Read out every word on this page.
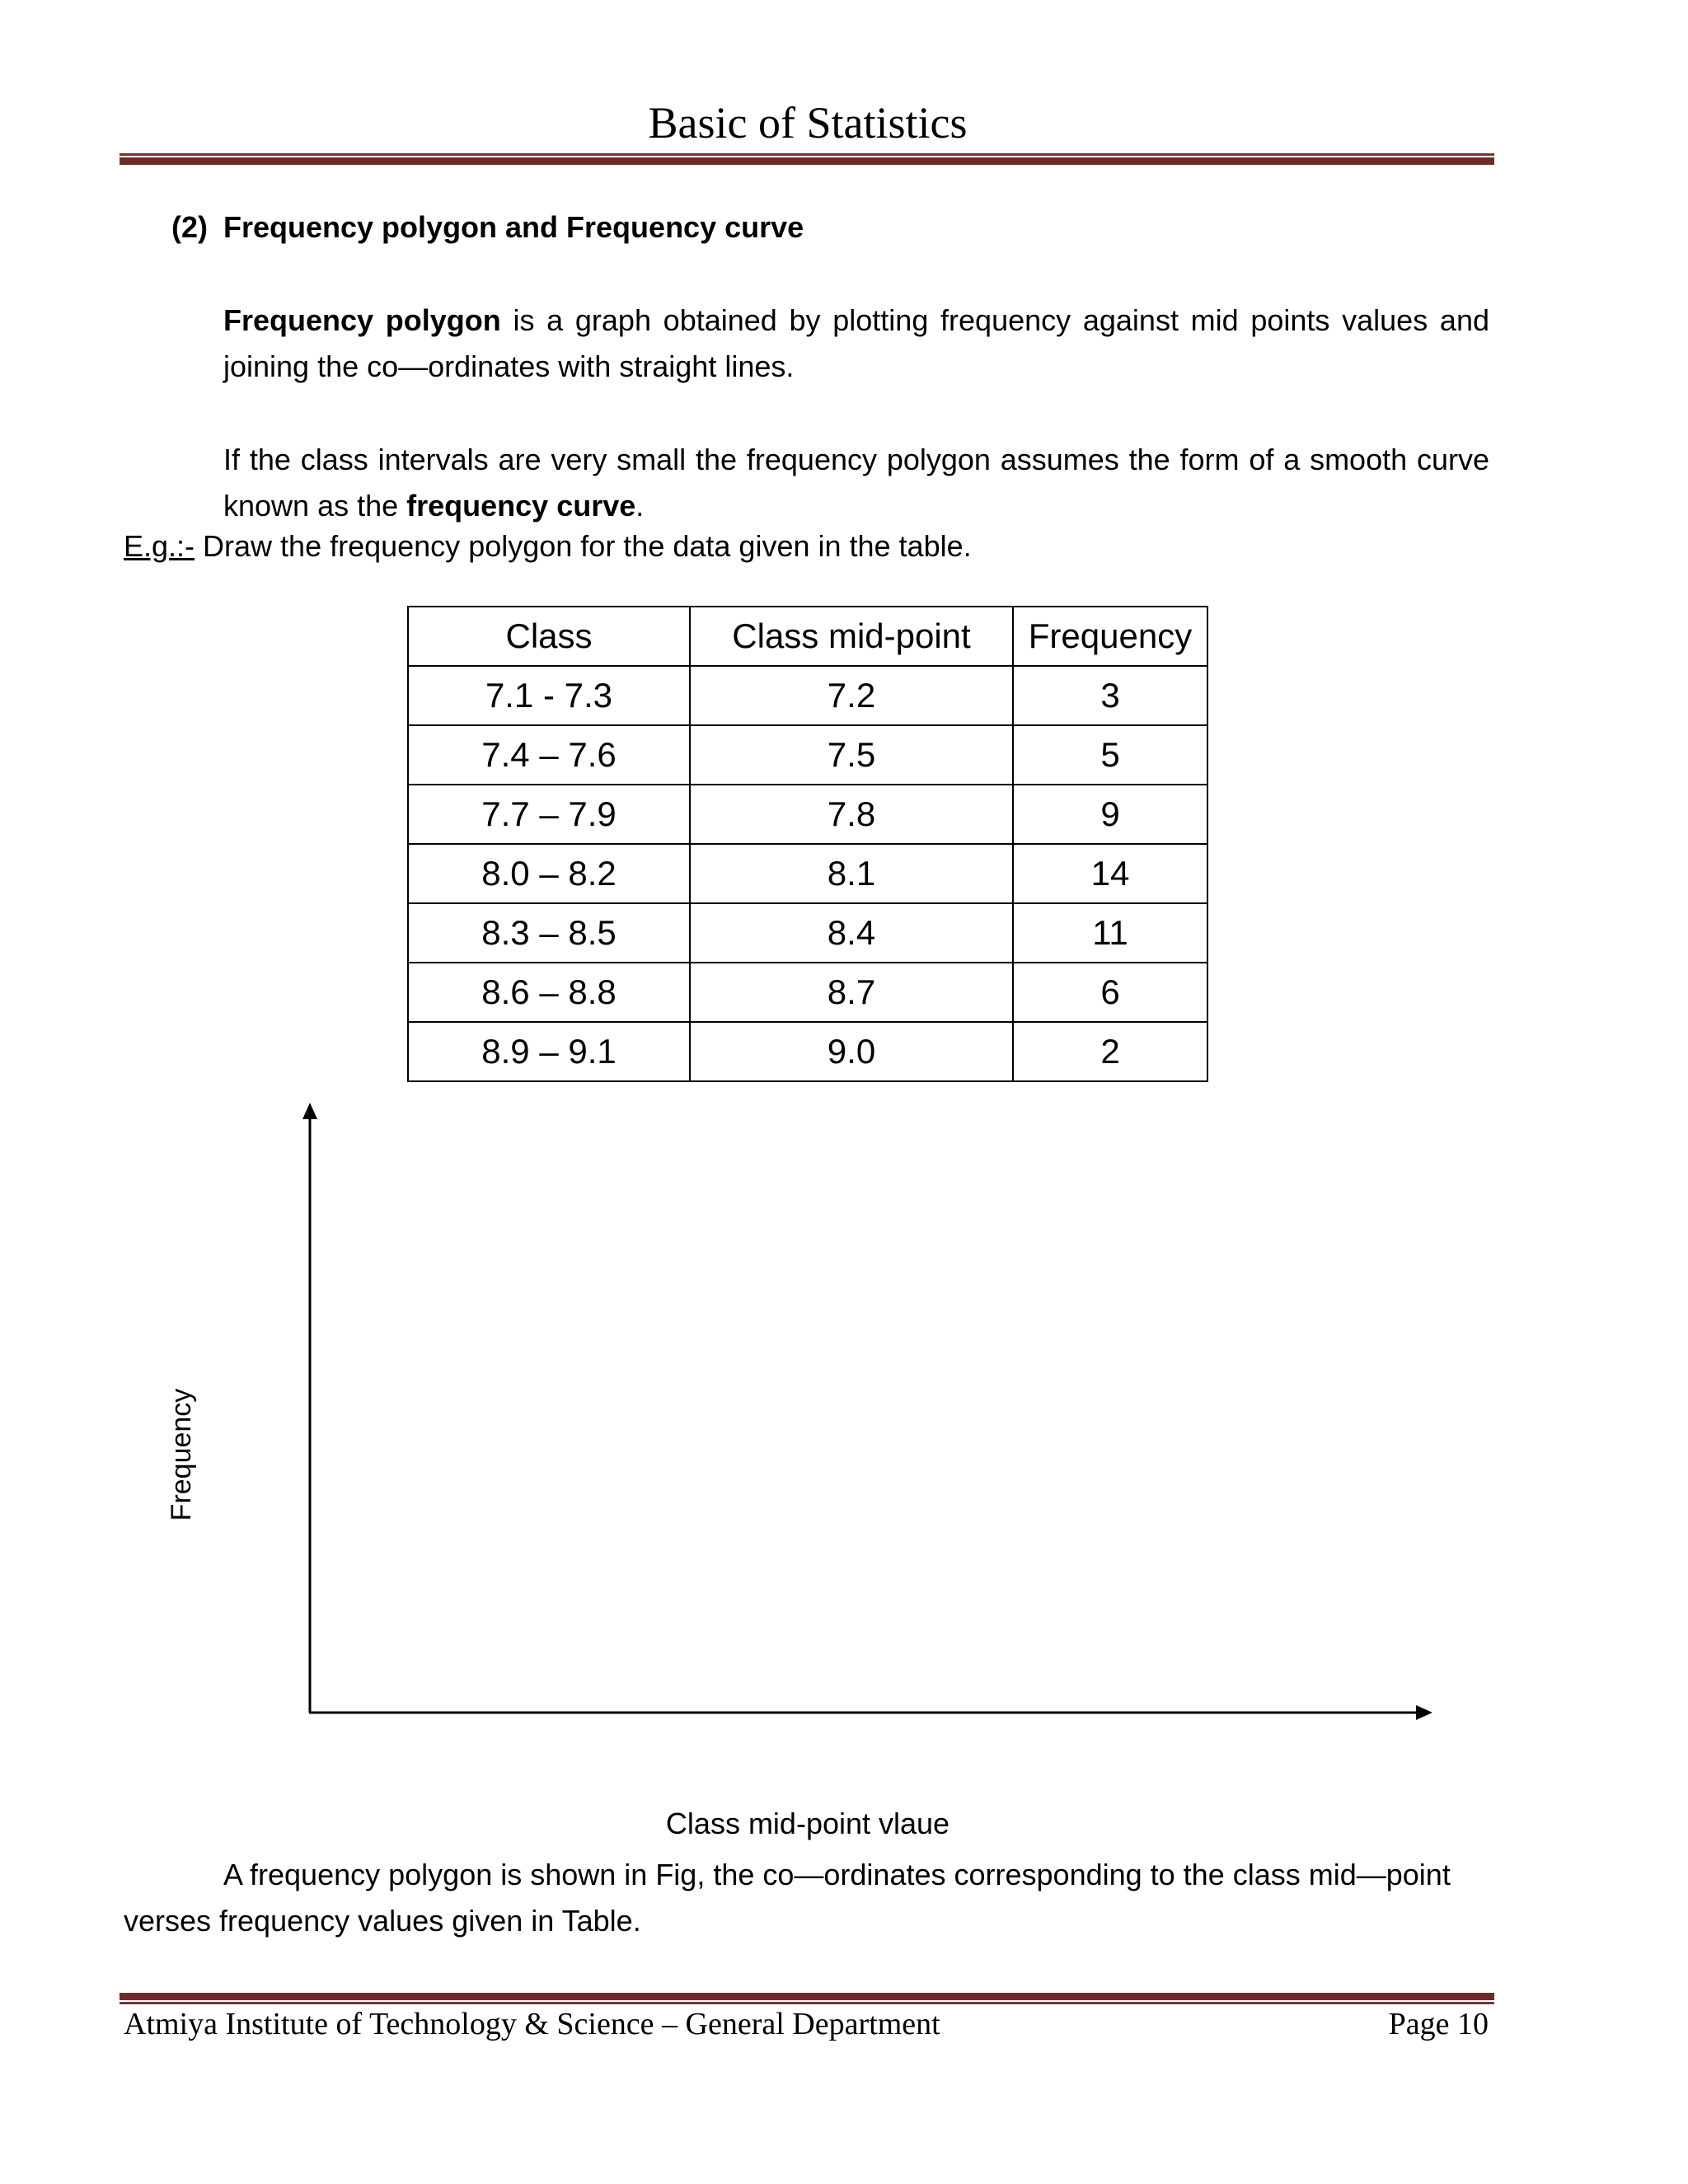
Basic of Statistics
(2) Frequency polygon and Frequency curve
Frequency polygon is a graph obtained by plotting frequency against mid points values and joining the co—ordinates with straight lines.
If the class intervals are very small the frequency polygon assumes the form of a smooth curve known as the frequency curve.
E.g.:- Draw the frequency polygon for the data given in the table.
Class	Class mid-point	Frequency
7.1 - 7.3	7.2	3
7.4 – 7.6	7.5	5
7.7 – 7.9	7.8	9
8.0 – 8.2	8.1	14
8.3 – 8.5	8.4	11
8.6 – 8.8	8.7	6
8.9 – 9.1	9.0	2
Frequency
Class mid-point vlaue
A frequency polygon is shown in Fig, the co—ordinates corresponding to the class mid—point verses frequency values given in Table.
Atmiya Institute of Technology & Science – General Department	Page 10
